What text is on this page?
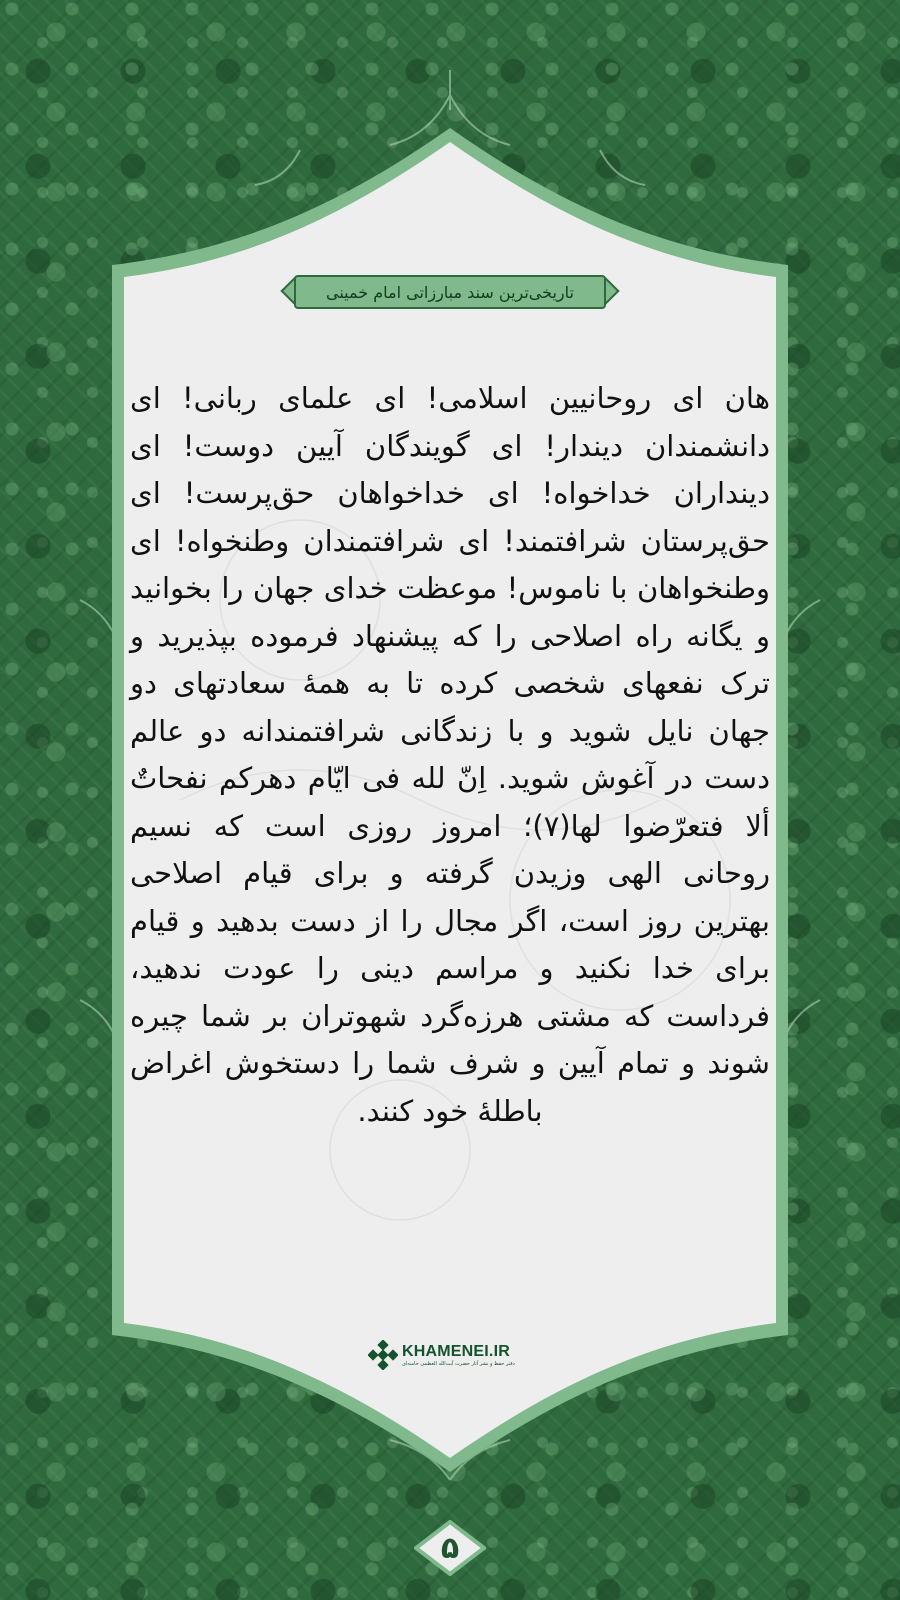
تاریخی‌ترین سند مبارزاتی امام خمینی
هان ای روحانیین اسلامی! ای علمای ربانی! ای دانشمندان دیندار! ای گویندگان آیین دوست! ای دینداران خداخواه! ای خداخواهان حق‌پرست! ای حق‌پرستان شرافتمند! ای شرافتمندان وطنخواه! ای وطنخواهان با ناموس! موعظت خدای جهان را بخوانید و یگانه راه اصلاحی را که پیشنهاد فرموده بپذیرید و ترک نفعهای شخصی کرده تا به همهٔ سعادتهای دو جهان نایل شوید و با زندگانی شرافتمندانه دو عالم دست در آغوش شوید. اِنّ لله فی ایّام دهرکم نفحاتٌ ألا فتعرّضوا لها(۷)؛ امروز روزی است که نسیم روحانی الهی وزیدن گرفته و برای قیام اصلاحی بهترین روز است، اگر مجال را از دست بدهید و قیام برای خدا نکنید و مراسم دینی را عودت ندهید، فرداست که مشتی هرزه‌گرد شهوتران بر شما چیره شوند و تمام آیین و شرف شما را دستخوش اغراض باطلهٔ خود کنند.
KHAMENEI.IR
دفتر حفظ و نشر آثار حضرت آیت‌الله العظمی خامنه‌ای
۵
